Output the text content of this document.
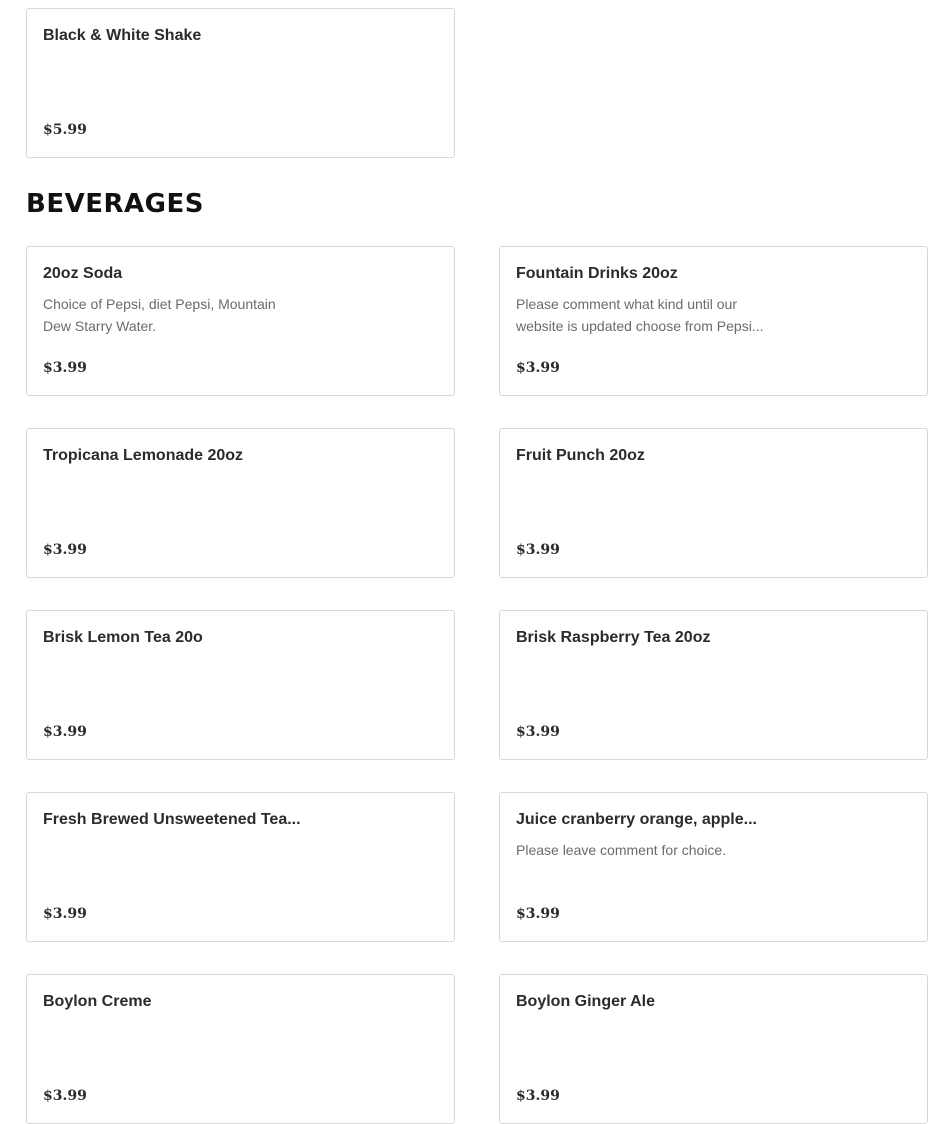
Black & White Shake
$5.99
BEVERAGES
20oz Soda
Choice of Pepsi, diet Pepsi, Mountain Dew Starry Water.
$3.99
Fountain Drinks 20oz
Please comment what kind until our website is updated choose from Pepsi...
$3.99
Tropicana Lemonade 20oz
$3.99
Fruit Punch 20oz
$3.99
Brisk Lemon Tea 20o
$3.99
Brisk Raspberry Tea 20oz
$3.99
Fresh Brewed Unsweetened Tea...
$3.99
Juice cranberry orange, apple...
Please leave comment for choice.
$3.99
Boylon Creme
$3.99
Boylon Ginger Ale
$3.99
